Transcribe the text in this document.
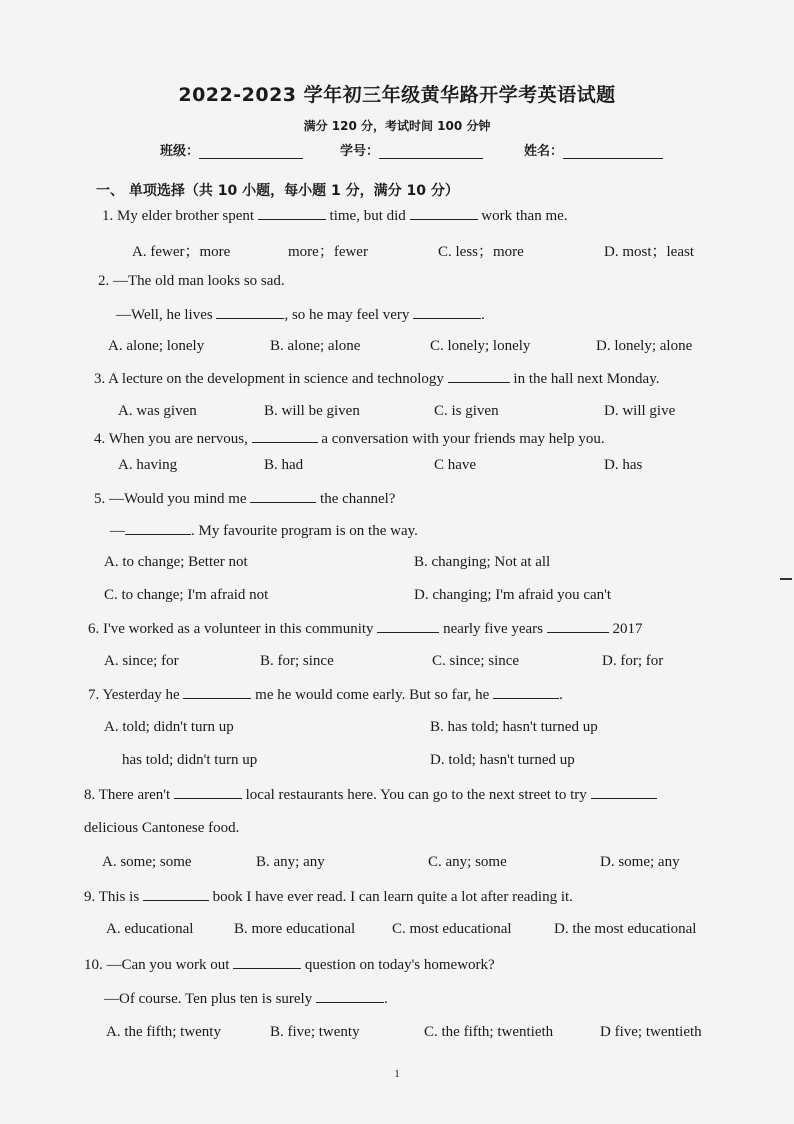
2022-2023 学年初三年级黄华路开学考英语试题
满分 120 分，考试时间 100 分钟
班级：	学号：	姓名：
一、 单项选择（共 10 小题，每小题 1 分，满分 10 分）
1. My elder brother spent	time, but did	work than me.
A. fewer；more	more；fewer	C. less；more	D. most；least
2. —The old man looks so sad.
—Well, he lives	, so he may feel very	.
A. alone; lonely	B. alone; alone	C. lonely; lonely	D. lonely; alone
3. A lecture on the development in science and technology	in the hall next Monday.
A. was given	B. will be given	C. is given	D. will give
4. When you are nervous,	a conversation with your friends may help you.
A. having	B. had	C have	D. has
5. —Would you mind me	the channel?
—	. My favourite program is on the way.
A. to change; Better not	B. changing; Not at all
C. to change; I'm afraid not	D. changing; I'm afraid you can't
6. I've worked as a volunteer in this community	nearly five years	2017
A. since; for	B. for; since	C. since; since	D. for; for
7. Yesterday he	me he would come early. But so far, he	.
A. told; didn't turn up	B. has told; hasn't turned up
has told; didn't turn up	D. told; hasn't turned up
8. There aren't	local restaurants here. You can go to the next street to try
delicious Cantonese food.
A. some; some	B. any; any	C. any; some	D. some; any
9. This is	book I have ever read. I can learn quite a lot after reading it.
A. educational	B. more educational C. most educational	D. the most educational
10. —Can you work out	question on today's homework?
—Of course. Ten plus ten is surely	.
A. the fifth; twenty	B. five; twenty	C. the fifth; twentieth	D five; twentieth
1
